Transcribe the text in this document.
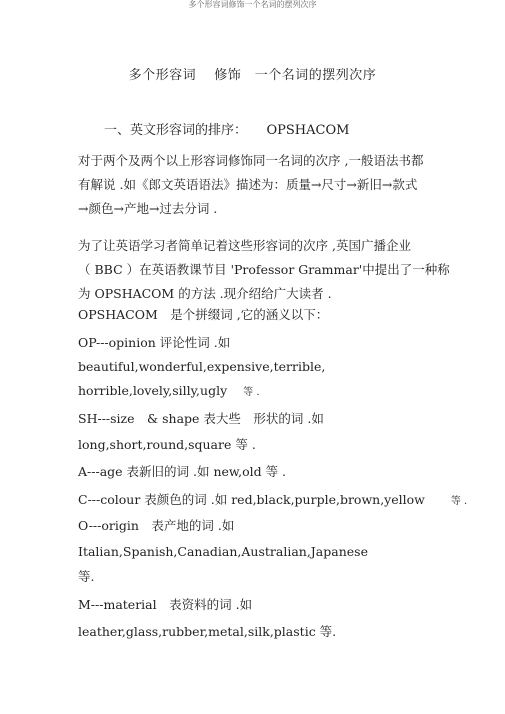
多个形容词修饰一个名词的摆列次序
多个形容词　 修饰　一个名词的摆列次序
一、英文形容词的排序：　　OPSHACOM
对于两个及两个以上形容词修饰同一名词的次序 ,一般语法书都
有解说 .如《郎文英语语法》描述为：质量→尺寸→新旧→款式
→颜色→产地→过去分词 .
为了让英语学习者简单记着这些形容词的次序 ,英国广播企业
（ BBC ）在英语教课节目 'Professor Grammar'中提出了一种称
为 OPSHACOM 的方法 .现介绍给广大读者 .
OPSHACOM　是个拼缀词 ,它的涵义以下：
OP---opinion 评论性词 .如
beautiful,wonderful,expensive,terrible,
horrible,lovely,silly,ugly 等 .
SH---size　& shape 表大些　形状的词 .如
long,short,round,square 等 .
A---age 表新旧的词 .如 new,old 等 .
C---colour 表颜色的词 .如 red,black,purple,brown,yellow	等 .
O---origin　表产地的词 .如
Italian,Spanish,Canadian,Australian,Japanese
等.
M---material　表资料的词 .如
leather,glass,rubber,metal,silk,plastic 等.
